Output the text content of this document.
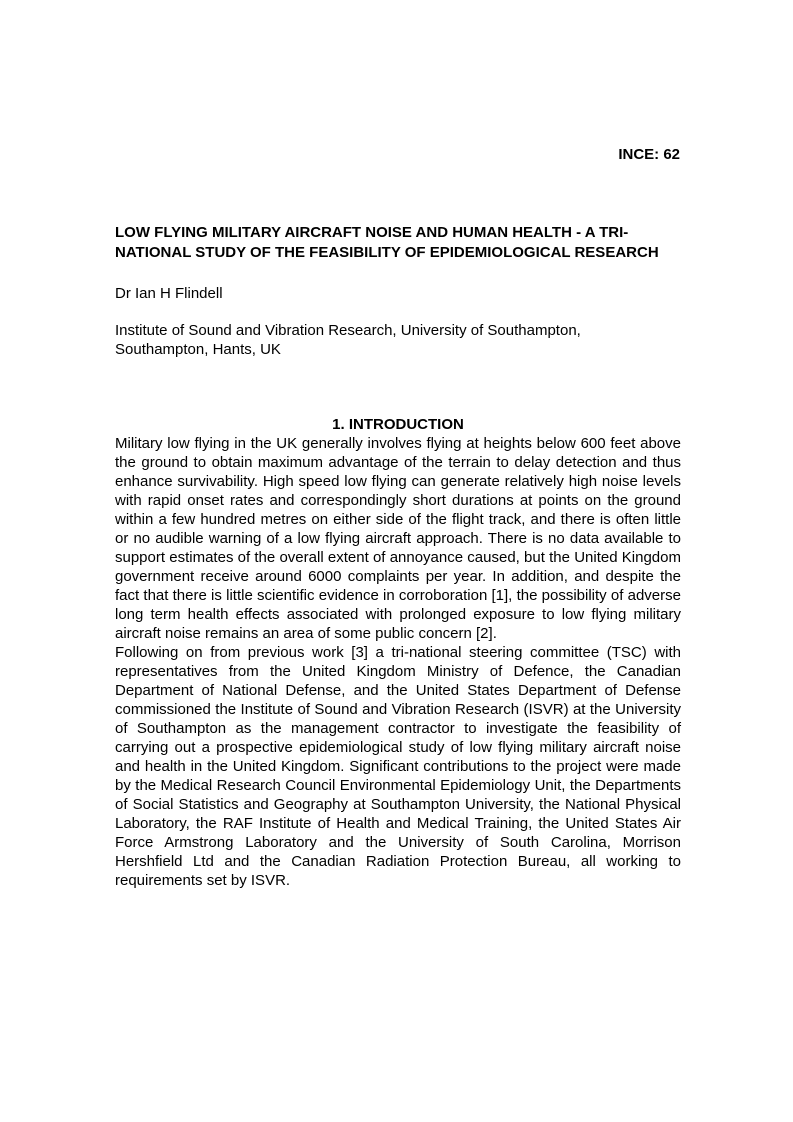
INCE: 62
LOW FLYING MILITARY AIRCRAFT NOISE AND HUMAN HEALTH - A TRI-NATIONAL STUDY OF THE FEASIBILITY OF EPIDEMIOLOGICAL RESEARCH
Dr Ian H Flindell
Institute of Sound and Vibration Research, University of Southampton,
Southampton, Hants, UK
1. INTRODUCTION

Military low flying in the UK generally involves flying at heights below 600 feet above the ground to obtain maximum advantage of the terrain to delay detection and thus enhance survivability. High speed low flying can generate relatively high noise levels with rapid onset rates and correspondingly short durations at points on the ground within a few hundred metres on either side of the flight track, and there is often little or no audible warning of a low flying aircraft approach. There is no data available to support estimates of the overall extent of annoyance caused, but the United Kingdom government receive around 6000 complaints per year. In addition, and despite the fact that there is little scientific evidence in corroboration [1], the possibility of adverse long term health effects associated with prolonged exposure to low flying military aircraft noise remains an area of some public concern [2].

Following on from previous work [3] a tri-national steering committee (TSC) with representatives from the United Kingdom Ministry of Defence, the Canadian Department of National Defense, and the United States Department of Defense commissioned the Institute of Sound and Vibration Research (ISVR) at the University of Southampton as the management contractor to investigate the feasibility of carrying out a prospective epidemiological study of low flying military aircraft noise and health in the United Kingdom. Significant contributions to the project were made by the Medical Research Council Environmental Epidemiology Unit, the Departments of Social Statistics and Geography at Southampton University, the National Physical Laboratory, the RAF Institute of Health and Medical Training, the United States Air Force Armstrong Laboratory and the University of South Carolina, Morrison Hershfield Ltd and the Canadian Radiation Protection Bureau, all working to requirements set by ISVR.
